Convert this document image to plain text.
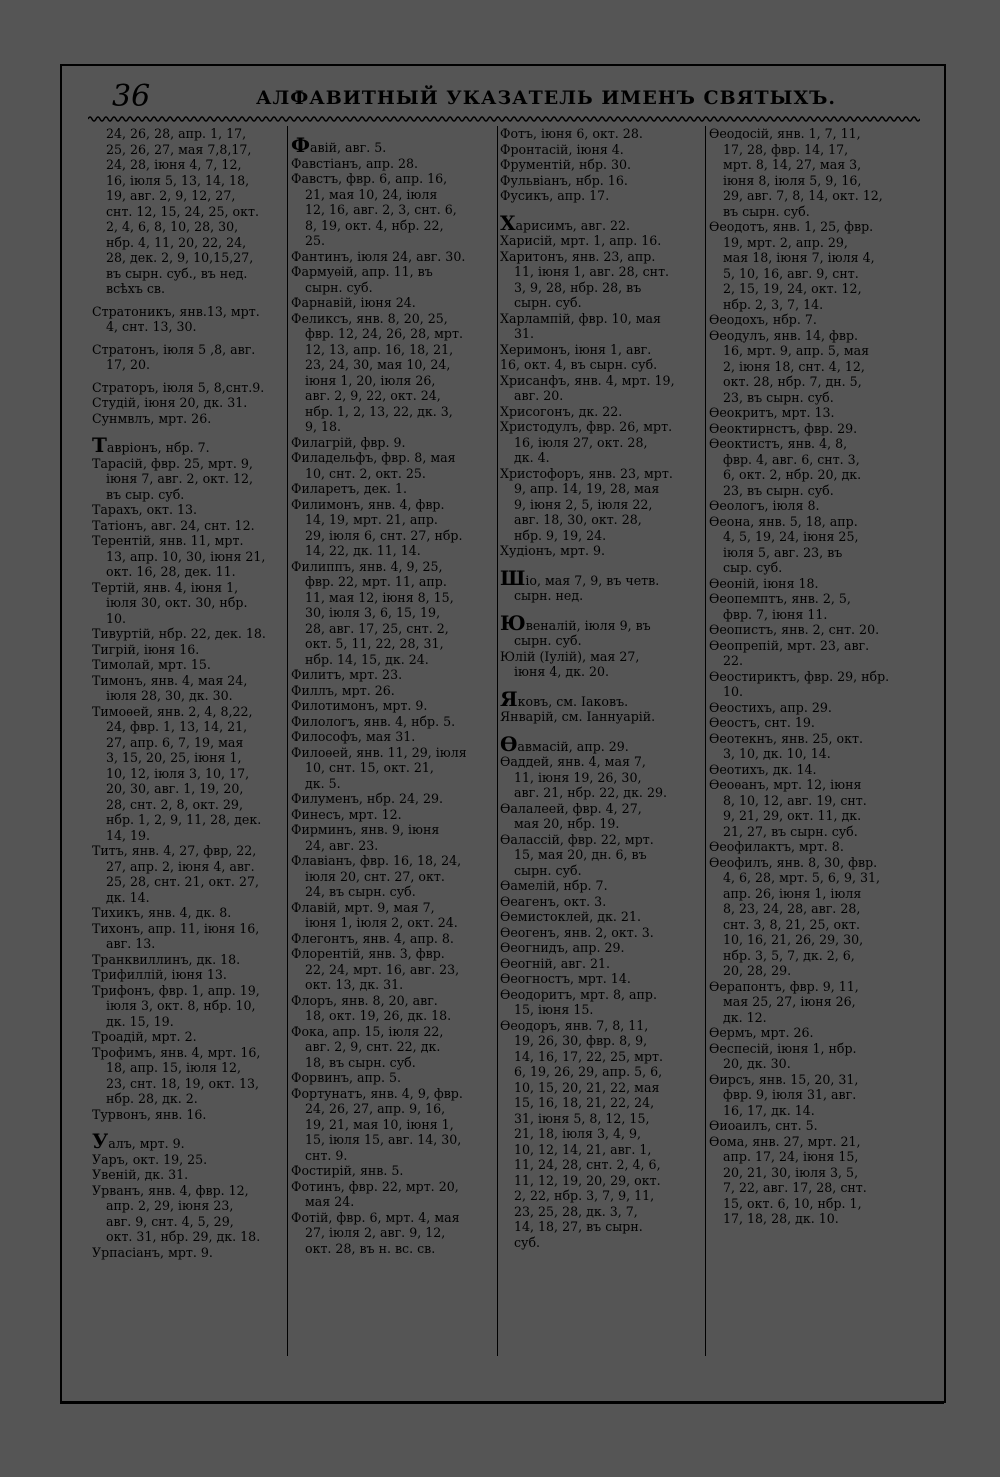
36	АЛФАВИТНЫЙ УКАЗАТЕЛЬ ИМЕНЪ СВЯТЫХЪ.
24, 26, 28, апр. 1, 17,
25, 26, 27, мая 7,8,17,
24, 28, іюня 4, 7, 12,
16, іюля 5, 13, 14, 18,
19, авг. 2, 9, 12, 27,
снт. 12, 15, 24, 25, окт.
2, 4, 6, 8, 10, 28, 30,
нбр. 4, 11, 20, 22, 24,
28, дек. 2, 9, 10,15,27,
въ сырн. суб., въ нед.
всѣхъ св.
Стратоникъ, янв.13, мрт.
4, снт. 13, 30.
Стратонъ, іюля 5 ,8, авг.
17, 20.
Страторъ, іюля 5, 8,снт.9.
Студій, іюня 20, дк. 31.
Сунмвлъ, мрт. 26.
Таврiонъ, нбр. 7.
Тарасій, фвр. 25, мрт. 9,
іюня 7, авг. 2, окт. 12,
въ сыр. суб.
Тарахъ, окт. 13.
Татіонъ, авг. 24, снт. 12.
Терентій, янв. 11, мрт.
13, апр. 10, 30, іюня 21,
окт. 16, 28, дек. 11.
Тертій, янв. 4, іюня 1,
іюля 30, окт. 30, нбр.
10.
Тивуртій, нбр. 22, дек. 18.
Тигрій, іюня 16.
Тимолай, мрт. 15.
Тимонъ, янв. 4, мая 24,
іюля 28, 30, дк. 30.
Тимоѳей, янв. 2, 4, 8,22,
24, фвр. 1, 13, 14, 21,
27, апр. 6, 7, 19, мая
3, 15, 20, 25, іюня 1,
10, 12, іюля 3, 10, 17,
20, 30, авг. 1, 19, 20,
28, снт. 2, 8, окт. 29,
нбр. 1, 2, 9, 11, 28, дек.
14, 19.
Титъ, янв. 4, 27, фвр, 22,
27, апр. 2, іюня 4, авг.
25, 28, снт. 21, окт. 27,
дк. 14.
Тихикъ, янв. 4, дк. 8.
Тихонъ, апр. 11, іюня 16,
авг. 13.
Транквиллинъ, дк. 18.
Трифиллій, іюня 13.
Трифонъ, фвр. 1, апр. 19,
іюля 3, окт. 8, нбр. 10,
дк. 15, 19.
Троадій, мрт. 2.
Трофимъ, янв. 4, мрт. 16,
18, апр. 15, іюля 12,
23, снт. 18, 19, окт. 13,
нбр. 28, дк. 2.
Турвонъ, янв. 16.
Уалъ, мрт. 9.
Уаръ, окт. 19, 25.
Увеній, дк. 31.
Урванъ, янв. 4, фвр. 12,
апр. 2, 29, іюня 23,
авг. 9, снт. 4, 5, 29,
окт. 31, нбр. 29, дк. 18.
Урпасіанъ, мрт. 9.
Фавій, авг. 5.
Фавстіанъ, апр. 28.
Фавстъ, фвр. 6, апр. 16,
21, мая 10, 24, іюля
12, 16, авг. 2, 3, снт. 6,
8, 19, окт. 4, нбр. 22,
25.
Фантинъ, іюля 24, авг. 30.
Фармуѳій, апр. 11, въ
сырн. суб.
Фарнавій, іюня 24.
Феликсъ, янв. 8, 20, 25,
фвр. 12, 24, 26, 28, мрт.
12, 13, апр. 16, 18, 21,
23, 24, 30, мая 10, 24,
іюня 1, 20, іюля 26,
авг. 2, 9, 22, окт. 24,
нбр. 1, 2, 13, 22, дк. 3,
9, 18.
Филагрій, фвр. 9.
Филадельфъ, фвр. 8, мая
10, снт. 2, окт. 25.
Филаретъ, дек. 1.
Филимонъ, янв. 4, фвр.
14, 19, мрт. 21, апр.
29, іюля 6, снт. 27, нбр.
14, 22, дк. 11, 14.
Филиппъ, янв. 4, 9, 25,
фвр. 22, мрт. 11, апр.
11, мая 12, іюня 8, 15,
30, іюля 3, 6, 15, 19,
28, авг. 17, 25, снт. 2,
окт. 5, 11, 22, 28, 31,
нбр. 14, 15, дк. 24.
Филитъ, мрт. 23.
Филлъ, мрт. 26.
Филотимонъ, мрт. 9.
Филологъ, янв. 4, нбр. 5.
Философъ, мая 31.
Филоѳей, янв. 11, 29, іюля
10, снт. 15, окт. 21,
дк. 5.
Филуменъ, нбр. 24, 29.
Финесъ, мрт. 12.
Фирминъ, янв. 9, іюня
24, авг. 23.
Флавіанъ, фвр. 16, 18, 24,
іюля 20, снт. 27, окт.
24, въ сырн. суб.
Флавій, мрт. 9, мая 7,
іюня 1, іюля 2, окт. 24.
Флегонтъ, янв. 4, апр. 8.
Флорентій, янв. 3, фвр.
22, 24, мрт. 16, авг. 23,
окт. 13, дк. 31.
Флоръ, янв. 8, 20, авг.
18, окт. 19, 26, дк. 18.
Фока, апр. 15, іюля 22,
авг. 2, 9, снт. 22, дк.
18, въ сырн. суб.
Форвинъ, апр. 5.
Фортунатъ, янв. 4, 9, фвр.
24, 26, 27, апр. 9, 16,
19, 21, мая 10, іюня 1,
15, іюля 15, авг. 14, 30,
снт. 9.
Фостирій, янв. 5.
Фотинъ, фвр. 22, мрт. 20,
мая 24.
Фотій, фвр. 6, мрт. 4, мая
27, іюля 2, авг. 9, 12,
окт. 28, въ н. вс. св.
Фотъ, іюня 6, окт. 28.
Фронтасій, іюня 4.
Фрументій, нбр. 30.
Фульвіанъ, нбр. 16.
Фусикъ, апр. 17.
Харисимъ, авг. 22.
Харисій, мрт. 1, апр. 16.
Харитонъ, янв. 23, апр.
11, іюня 1, авг. 28, снт.
3, 9, 28, нбр. 28, въ
сырн. суб.
Харлампій, фвр. 10, мая
31.
Херимонъ, іюня 1, авг.
16, окт. 4, въ сырн. суб.
Хрисанфъ, янв. 4, мрт. 19,
авг. 20.
Хрисогонъ, дк. 22.
Христодулъ, фвр. 26, мрт.
16, іюля 27, окт. 28,
дк. 4.
Христофоръ, янв. 23, мрт.
9, апр. 14, 19, 28, мая
9, іюня 2, 5, іюля 22,
авг. 18, 30, окт. 28,
нбр. 9, 19, 24.
Худіонъ, мрт. 9.
Шіо, мая 7, 9, въ четв.
сырн. нед.
Ювеналій, іюля 9, въ
сырн. суб.
Юлій (Іулій), мая 27,
іюня 4, дк. 20.
Яковъ, см. Іаковъ.
Январій, см. Іаннуарій.
Ѳавмасій, апр. 29.
Ѳаддей, янв. 4, мая 7,
11, іюня 19, 26, 30,
авг. 21, нбр. 22, дк. 29.
Ѳалалеей, фвр. 4, 27,
мая 20, нбр. 19.
Ѳалассій, фвр. 22, мрт.
15, мая 20, дн. 6, въ
сырн. суб.
Ѳамелій, нбр. 7.
Ѳеагенъ, окт. 3.
Ѳемистоклей, дк. 21.
Ѳеогенъ, янв. 2, окт. 3.
Ѳеогнидъ, апр. 29.
Ѳеогній, авг. 21.
Ѳеогностъ, мрт. 14.
Ѳеодоритъ, мрт. 8, апр.
15, іюня 15.
Ѳеодоръ, янв. 7, 8, 11,
19, 26, 30, фвр. 8, 9,
14, 16, 17, 22, 25, мрт.
6, 19, 26, 29, апр. 5, 6,
10, 15, 20, 21, 22, мая
15, 16, 18, 21, 22, 24,
31, іюня 5, 8, 12, 15,
21, 18, іюля 3, 4, 9,
10, 12, 14, 21, авг. 1,
11, 24, 28, снт. 2, 4, 6,
11, 12, 19, 20, 29, окт.
2, 22, нбр. 3, 7, 9, 11,
23, 25, 28, дк. 3, 7,
14, 18, 27, въ сырн.
суб.
Ѳеодосій, янв. 1, 7, 11,
17, 28, фвр. 14, 17,
мрт. 8, 14, 27, мая 3,
іюня 8, іюля 5, 9, 16,
29, авг. 7, 8, 14, окт. 12,
въ сырн. суб.
Ѳеодотъ, янв. 1, 25, фвр.
19, мрт. 2, апр. 29,
мая 18, іюня 7, іюля 4,
5, 10, 16, авг. 9, снт.
2, 15, 19, 24, окт. 12,
нбр. 2, 3, 7, 14.
Ѳеодохъ, нбр. 7.
Ѳеодулъ, янв. 14, фвр.
16, мрт. 9, апр. 5, мая
2, іюня 18, снт. 4, 12,
окт. 28, нбр. 7, дн. 5,
23, въ сырн. суб.
Ѳеокритъ, мрт. 13.
Ѳеоктирнстъ, фвр. 29.
Ѳеоктистъ, янв. 4, 8,
фвр. 4, авг. 6, снт. 3,
6, окт. 2, нбр. 20, дк.
23, въ сырн. суб.
Ѳеологъ, іюля 8.
Ѳеона, янв. 5, 18, апр.
4, 5, 19, 24, іюня 25,
іюля 5, авг. 23, въ
сыр. суб.
Ѳеоній, іюня 18.
Ѳеопемптъ, янв. 2, 5,
фвр. 7, іюня 11.
Ѳеопистъ, янв. 2, снт. 20.
Ѳеопрепій, мрт. 23, авг.
22.
Ѳеостириктъ, фвр. 29, нбр.
10.
Ѳеостихъ, апр. 29.
Ѳеостъ, снт. 19.
Ѳеотекнъ, янв. 25, окт.
3, 10, дк. 10, 14.
Ѳеотихъ, дк. 14.
Ѳеоѳанъ, мрт. 12, іюня
8, 10, 12, авг. 19, снт.
9, 21, 29, окт. 11, дк.
21, 27, въ сырн. суб.
Ѳеофилактъ, мрт. 8.
Ѳеофилъ, янв. 8, 30, фвр.
4, 6, 28, мрт. 5, 6, 9, 31,
апр. 26, іюня 1, іюля
8, 23, 24, 28, авг. 28,
снт. 3, 8, 21, 25, окт.
10, 16, 21, 26, 29, 30,
нбр. 3, 5, 7, дк. 2, 6,
20, 28, 29.
Ѳерапонтъ, фвр. 9, 11,
мая 25, 27, іюня 26,
дк. 12.
Ѳермъ, мрт. 26.
Ѳеспесій, іюня 1, нбр.
20, дк. 30.
Ѳирсъ, янв. 15, 20, 31,
фвр. 9, іюля 31, авг.
16, 17, дк. 14.
Ѳиоаилъ, снт. 5.
Ѳома, янв. 27, мрт. 21,
апр. 17, 24, іюня 15,
20, 21, 30, іюля 3, 5,
7, 22, авг. 17, 28, снт.
15, окт. 6, 10, нбр. 1,
17, 18, 28, дк. 10.
